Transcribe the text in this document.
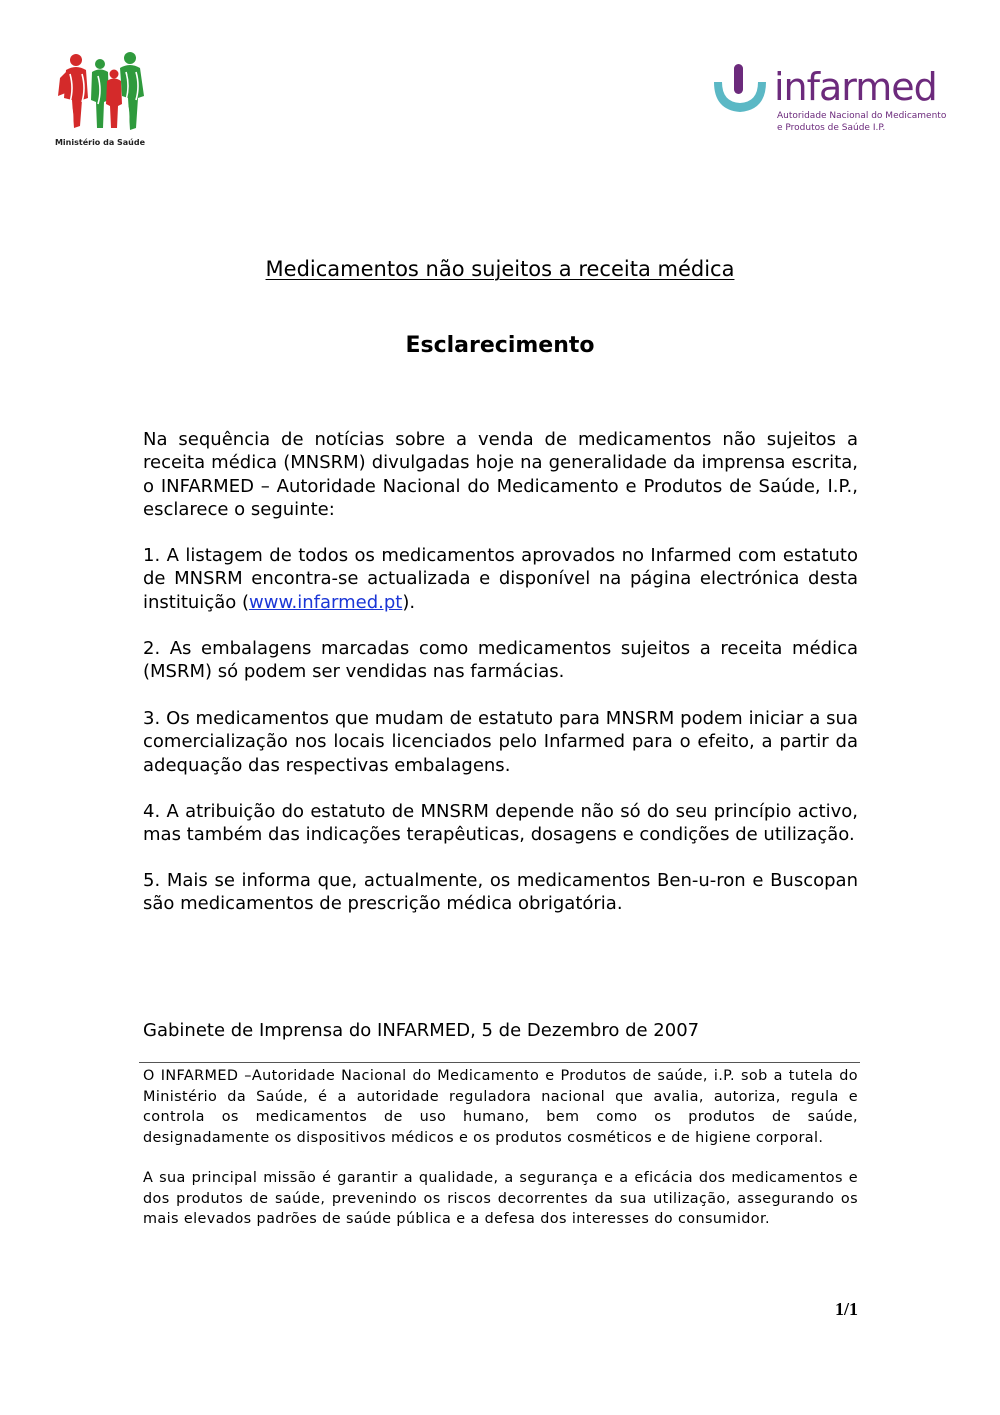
Ministério da Saúde
infarmed
Autoridade Nacional do Medicamento
e Produtos de Saúde I.P.
Medicamentos não sujeitos a receita médica
Esclarecimento
Na sequência de notícias sobre a venda de medicamentos não sujeitos a receita médica (MNSRM) divulgadas hoje na generalidade da imprensa escrita, o INFARMED – Autoridade Nacional do Medicamento e Produtos de Saúde, I.P., esclarece o seguinte:
1. A listagem de todos os medicamentos aprovados no Infarmed com estatuto de MNSRM encontra-se actualizada e disponível na página electrónica desta instituição (www.infarmed.pt).
2. As embalagens marcadas como medicamentos sujeitos a receita médica (MSRM) só podem ser vendidas nas farmácias.
3. Os medicamentos que mudam de estatuto para MNSRM podem iniciar a sua comercialização nos locais licenciados pelo Infarmed para o efeito, a partir da adequação das respectivas embalagens.
4. A atribuição do estatuto de MNSRM depende não só do seu princípio activo, mas também das indicações terapêuticas, dosagens e condições de utilização.
5. Mais se informa que, actualmente, os medicamentos Ben-u-ron e Buscopan são medicamentos de prescrição médica obrigatória.
Gabinete de Imprensa do INFARMED, 5 de Dezembro de 2007
O INFARMED –Autoridade Nacional do Medicamento e Produtos de saúde, i.P. sob a tutela do Ministério da Saúde, é a autoridade reguladora nacional que avalia, autoriza, regula e controla os medicamentos de uso humano, bem como os produtos de saúde, designadamente os dispositivos médicos e os produtos cosméticos e de higiene corporal.
A sua principal missão é garantir a qualidade, a segurança e a eficácia dos medicamentos e dos produtos de saúde, prevenindo os riscos decorrentes da sua utilização, assegurando os mais elevados padrões de saúde pública e a defesa dos interesses do consumidor.
1/1
